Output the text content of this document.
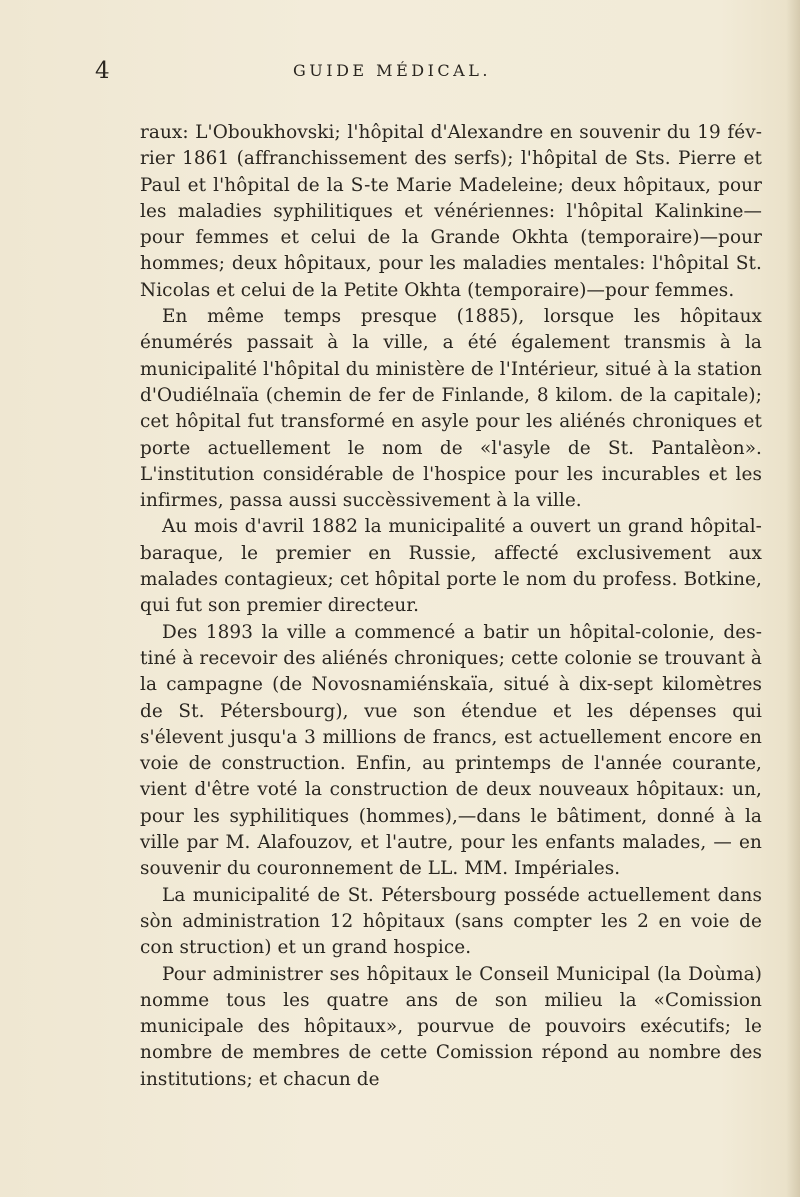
4	GUIDE MÉDICAL.

raux: L'Oboukhovski; l'hôpital d'Alexandre en souvenir du 19 février 1861 (affranchissement des serfs); l'hôpital de Sts. Pierre et Paul et l'hôpital de la S-te Marie Madeleine; deux hôpitaux, pour les maladies syphilitiques et vénériennes: l'hôpital Kalinkine—pour femmes et celui de la Grande Okhta (temporaire)—pour hommes; deux hôpitaux, pour les maladies mentales: l'hôpital St. Nicolas et celui de la Petite Okhta (temporaire)—pour femmes.

En même temps presque (1885), lorsque les hôpitaux énumérés passait à la ville, a été également transmis à la municipalité l'hôpital du ministère de l'Intérieur, situé à la station d'Oudiélnaïa (chemin de fer de Finlande, 8 kilom. de la capitale); cet hôpital fut transformé en asyle pour les aliénés chroniques et porte actuellement le nom de «l'asyle de St. Pantalèon». L'institution considérable de l'hospice pour les incurables et les infirmes, passa aussi succèssivement à la ville.

Au mois d'avril 1882 la municipalité a ouvert un grand hôpital-baraque, le premier en Russie, affecté exclusivement aux malades contagieux; cet hôpital porte le nom du profess. Botkine, qui fut son premier directeur.

Des 1893 la ville a commencé a batir un hôpital-colonie, destiné à recevoir des aliénés chroniques; cette colonie se trouvant à la campagne (de Novosnamiénskaïa, situé à dix-sept kilomètres de St. Pétersbourg), vue son étendue et les dépenses qui s'élevent jusqu'a 3 millions de francs, est actuellement encore en voie de construction. Enfin, au printemps de l'année courante, vient d'être voté la construction de deux nouveaux hôpitaux: un, pour les syphilitiques (hommes),—dans le bâtiment, donné à la ville par M. Alafouzov, et l'autre, pour les enfants malades, — en souvenir du couronnement de LL. MM. Impériales.

La municipalité de St. Pétersbourg posséde actuellement dans sòn administration 12 hôpitaux (sans compter les 2 en voie de con struction) et un grand hospice.

Pour administrer ses hôpitaux le Conseil Municipal (la Doùma) nomme tous les quatre ans de son milieu la «Comission municipale des hôpitaux», pourvue de pouvoirs exécutifs; le nombre de membres de cette Comission répond au nombre des institutions; et chacun de
